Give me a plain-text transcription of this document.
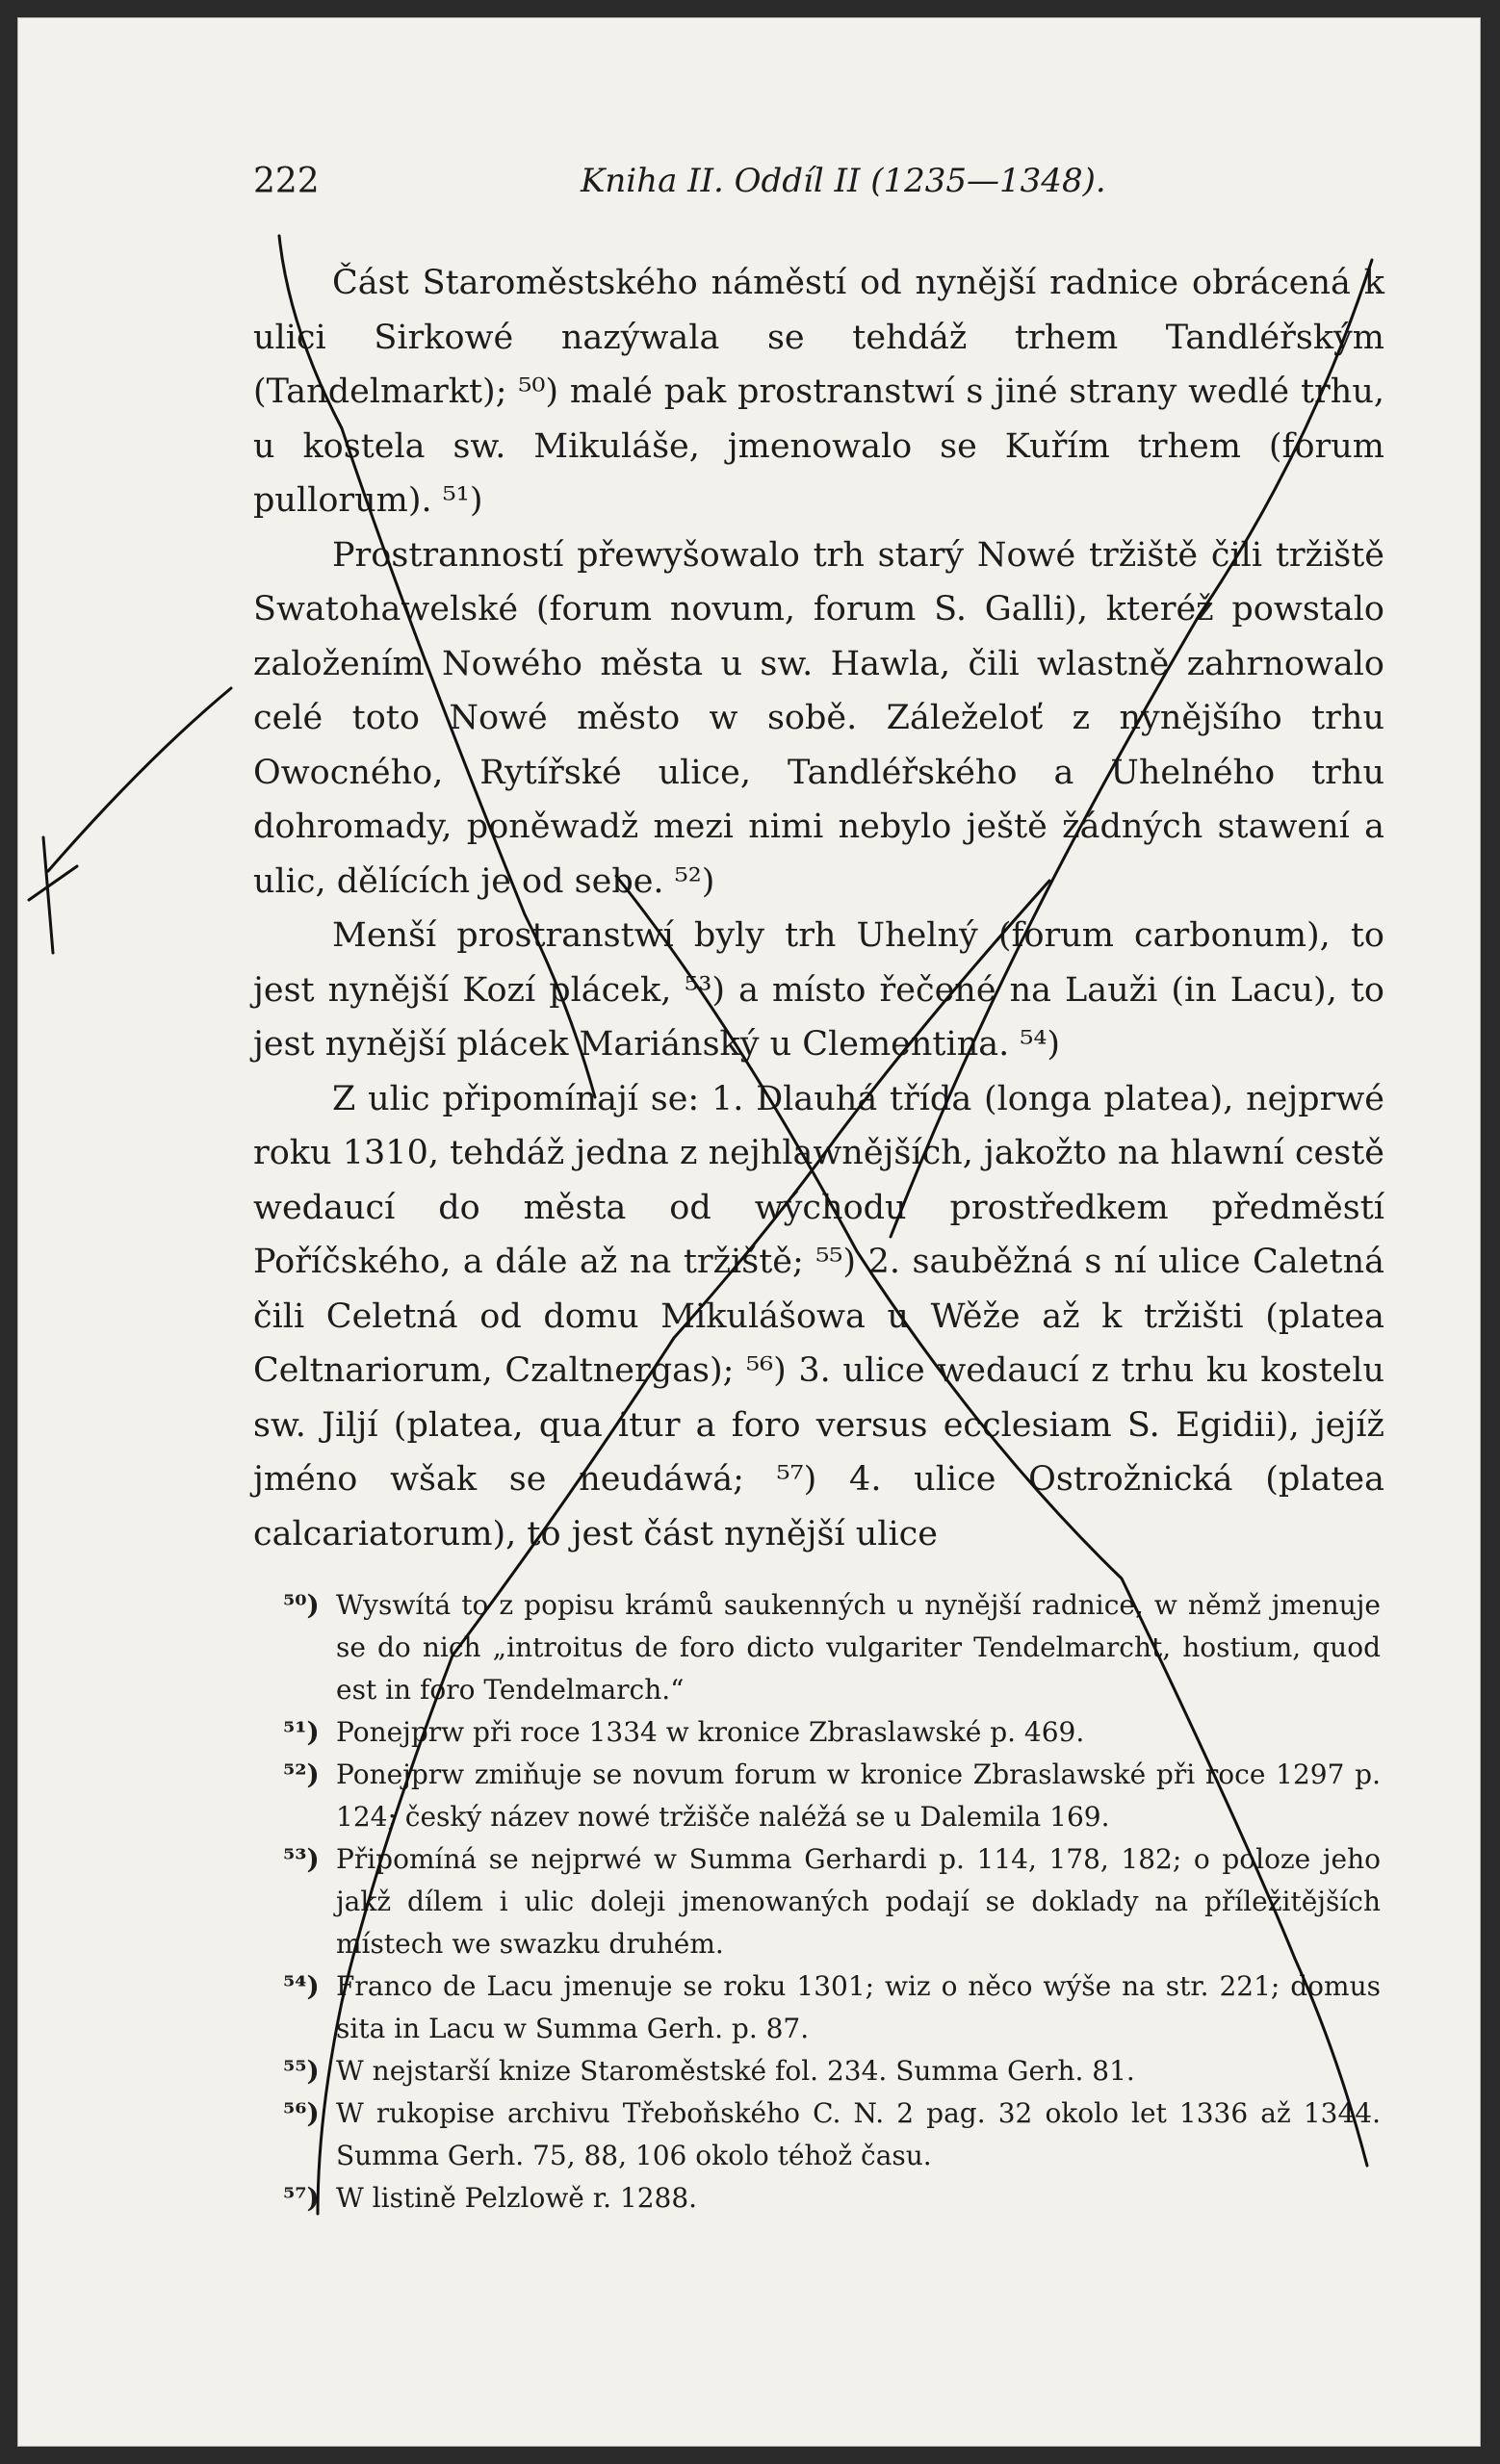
222	Kniha II. Oddíl II (1235—1348).

Část Staroměstského náměstí od nynější radnice obrácená k ulici Sirkowé nazýwala se tehdáž trhem Tandléřským (Tandelmarkt); ⁵⁰) malé pak prostranstwí s jiné strany wedlé trhu, u kostela sw. Mikuláše, jmenowalo se Kuřím trhem (forum pullorum). ⁵¹)

Prostranností přewyšowalo trh starý Nowé tržiště čili tržiště Swatohawelské (forum novum, forum S. Galli), kteréž powstalo založením Nowého města u sw. Hawla, čili wlastně zahrnowalo celé toto Nowé město w sobě. Záleželoť z nynějšího trhu Owocného, Rytířské ulice, Tandléřského a Uhelného trhu dohromady, poněwadž mezi nimi nebylo ještě žádných stawení a ulic, dělících je od sebe. ⁵²)

Menší prostranstwí byly trh Uhelný (forum carbonum), to jest nynější Kozí plácek, ⁵³) a místo řečené na Lauži (in Lacu), to jest nynější plácek Mariánský u Clementina. ⁵⁴)

Z ulic připomínají se: 1. Dlauhá třída (longa platea), nejprwé roku 1310, tehdáž jedna z nejhlawnějších, jakožto na hlawní cestě wedaucí do města od wýchodu prostředkem předměstí Poříčského, a dále až na tržiště; ⁵⁵) 2. sauběžná s ní ulice Caletná čili Celetná od domu Mikulášowa u Wěže až k tržišti (platea Celtnariorum, Czaltnergas); ⁵⁶) 3. ulice wedaucí z trhu ku kostelu sw. Jiljí (platea, qua itur a foro versus ecclesiam S. Egidii), jejíž jméno wšak se neudáwá; ⁵⁷) 4. ulice Ostrožnická (platea calcariatorum), to jest část nynější ulice

⁵⁰) Wyswítá to z popisu krámů saukenných u nynější radnice, w němž jmenuje se do nich „introitus de foro dicto vulgariter Tendelmarcht, hostium, quod est in foro Tendelmarch.“

⁵¹) Ponejprw při roce 1334 w kronice Zbraslawské p. 469.

⁵²) Ponejprw zmiňuje se novum forum w kronice Zbraslawské při roce 1297 p. 124; český název nowé tržišče naléžá se u Dalemila 169.

⁵³) Připomíná se nejprwé w Summa Gerhardi p. 114, 178, 182; o poloze jeho jakž dílem i ulic doleji jmenowaných podají se doklady na příležitějších místech we swazku druhém.

⁵⁴) Franco de Lacu jmenuje se roku 1301; wiz o něco wýše na str. 221; domus sita in Lacu w Summa Gerh. p. 87.

⁵⁵) W nejstarší knize Staroměstské fol. 234. Summa Gerh. 81.

⁵⁶) W rukopise archivu Třeboňského C. N. 2 pag. 32 okolo let 1336 až 1344. Summa Gerh. 75, 88, 106 okolo téhož času.

⁵⁷) W listině Pelzlowě r. 1288.
